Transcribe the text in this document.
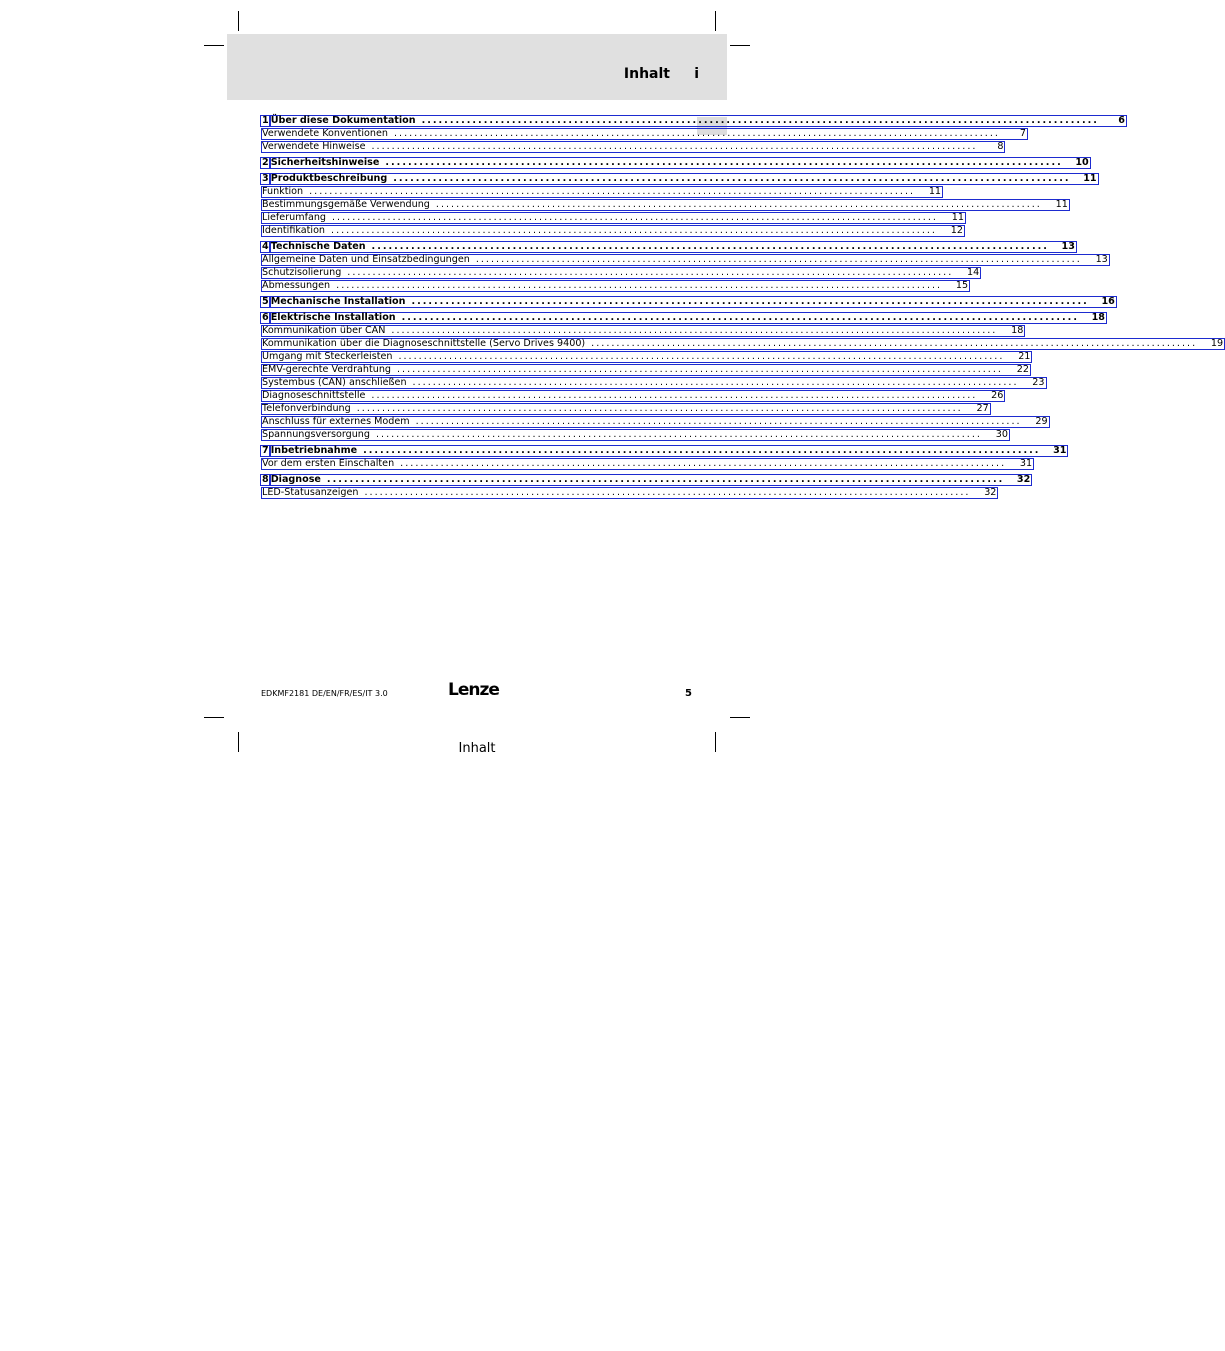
Inhalt i
1 Über diese Dokumentation ........................................................................................................................	6
Verwendete Konventionen ........................................................................................................................	7
Verwendete Hinweise ........................................................................................................................	8
2 Sicherheitshinweise ........................................................................................................................	10
3 Produktbeschreibung ........................................................................................................................	11
Funktion ........................................................................................................................	11
Bestimmungsgemäße Verwendung ........................................................................................................................	11
Lieferumfang ........................................................................................................................	11
Identifikation ........................................................................................................................	12
4 Technische Daten ........................................................................................................................	13
Allgemeine Daten und Einsatzbedingungen ........................................................................................................................	13
Schutzisolierung ........................................................................................................................	14
Abmessungen ........................................................................................................................	15
5 Mechanische Installation ........................................................................................................................	16
6 Elektrische Installation ........................................................................................................................	18
Kommunikation über CAN ........................................................................................................................	18
Kommunikation über die Diagnoseschnittstelle (Servo Drives 9400) ........................................................................................................................	19
Umgang mit Steckerleisten ........................................................................................................................	21
EMV-gerechte Verdrahtung ........................................................................................................................	22
Systembus (CAN) anschließen ........................................................................................................................	23
Diagnoseschnittstelle ........................................................................................................................	26
Telefonverbindung ........................................................................................................................	27
Anschluss für externes Modem ........................................................................................................................	29
Spannungsversorgung ........................................................................................................................	30
7 Inbetriebnahme ........................................................................................................................	31
Vor dem ersten Einschalten ........................................................................................................................	31
8 Diagnose ........................................................................................................................	32
LED-Statusanzeigen ........................................................................................................................	32
EDKMF2181 DE/EN/FR/ES/IT 3.0	Lenze	5
Inhalt
